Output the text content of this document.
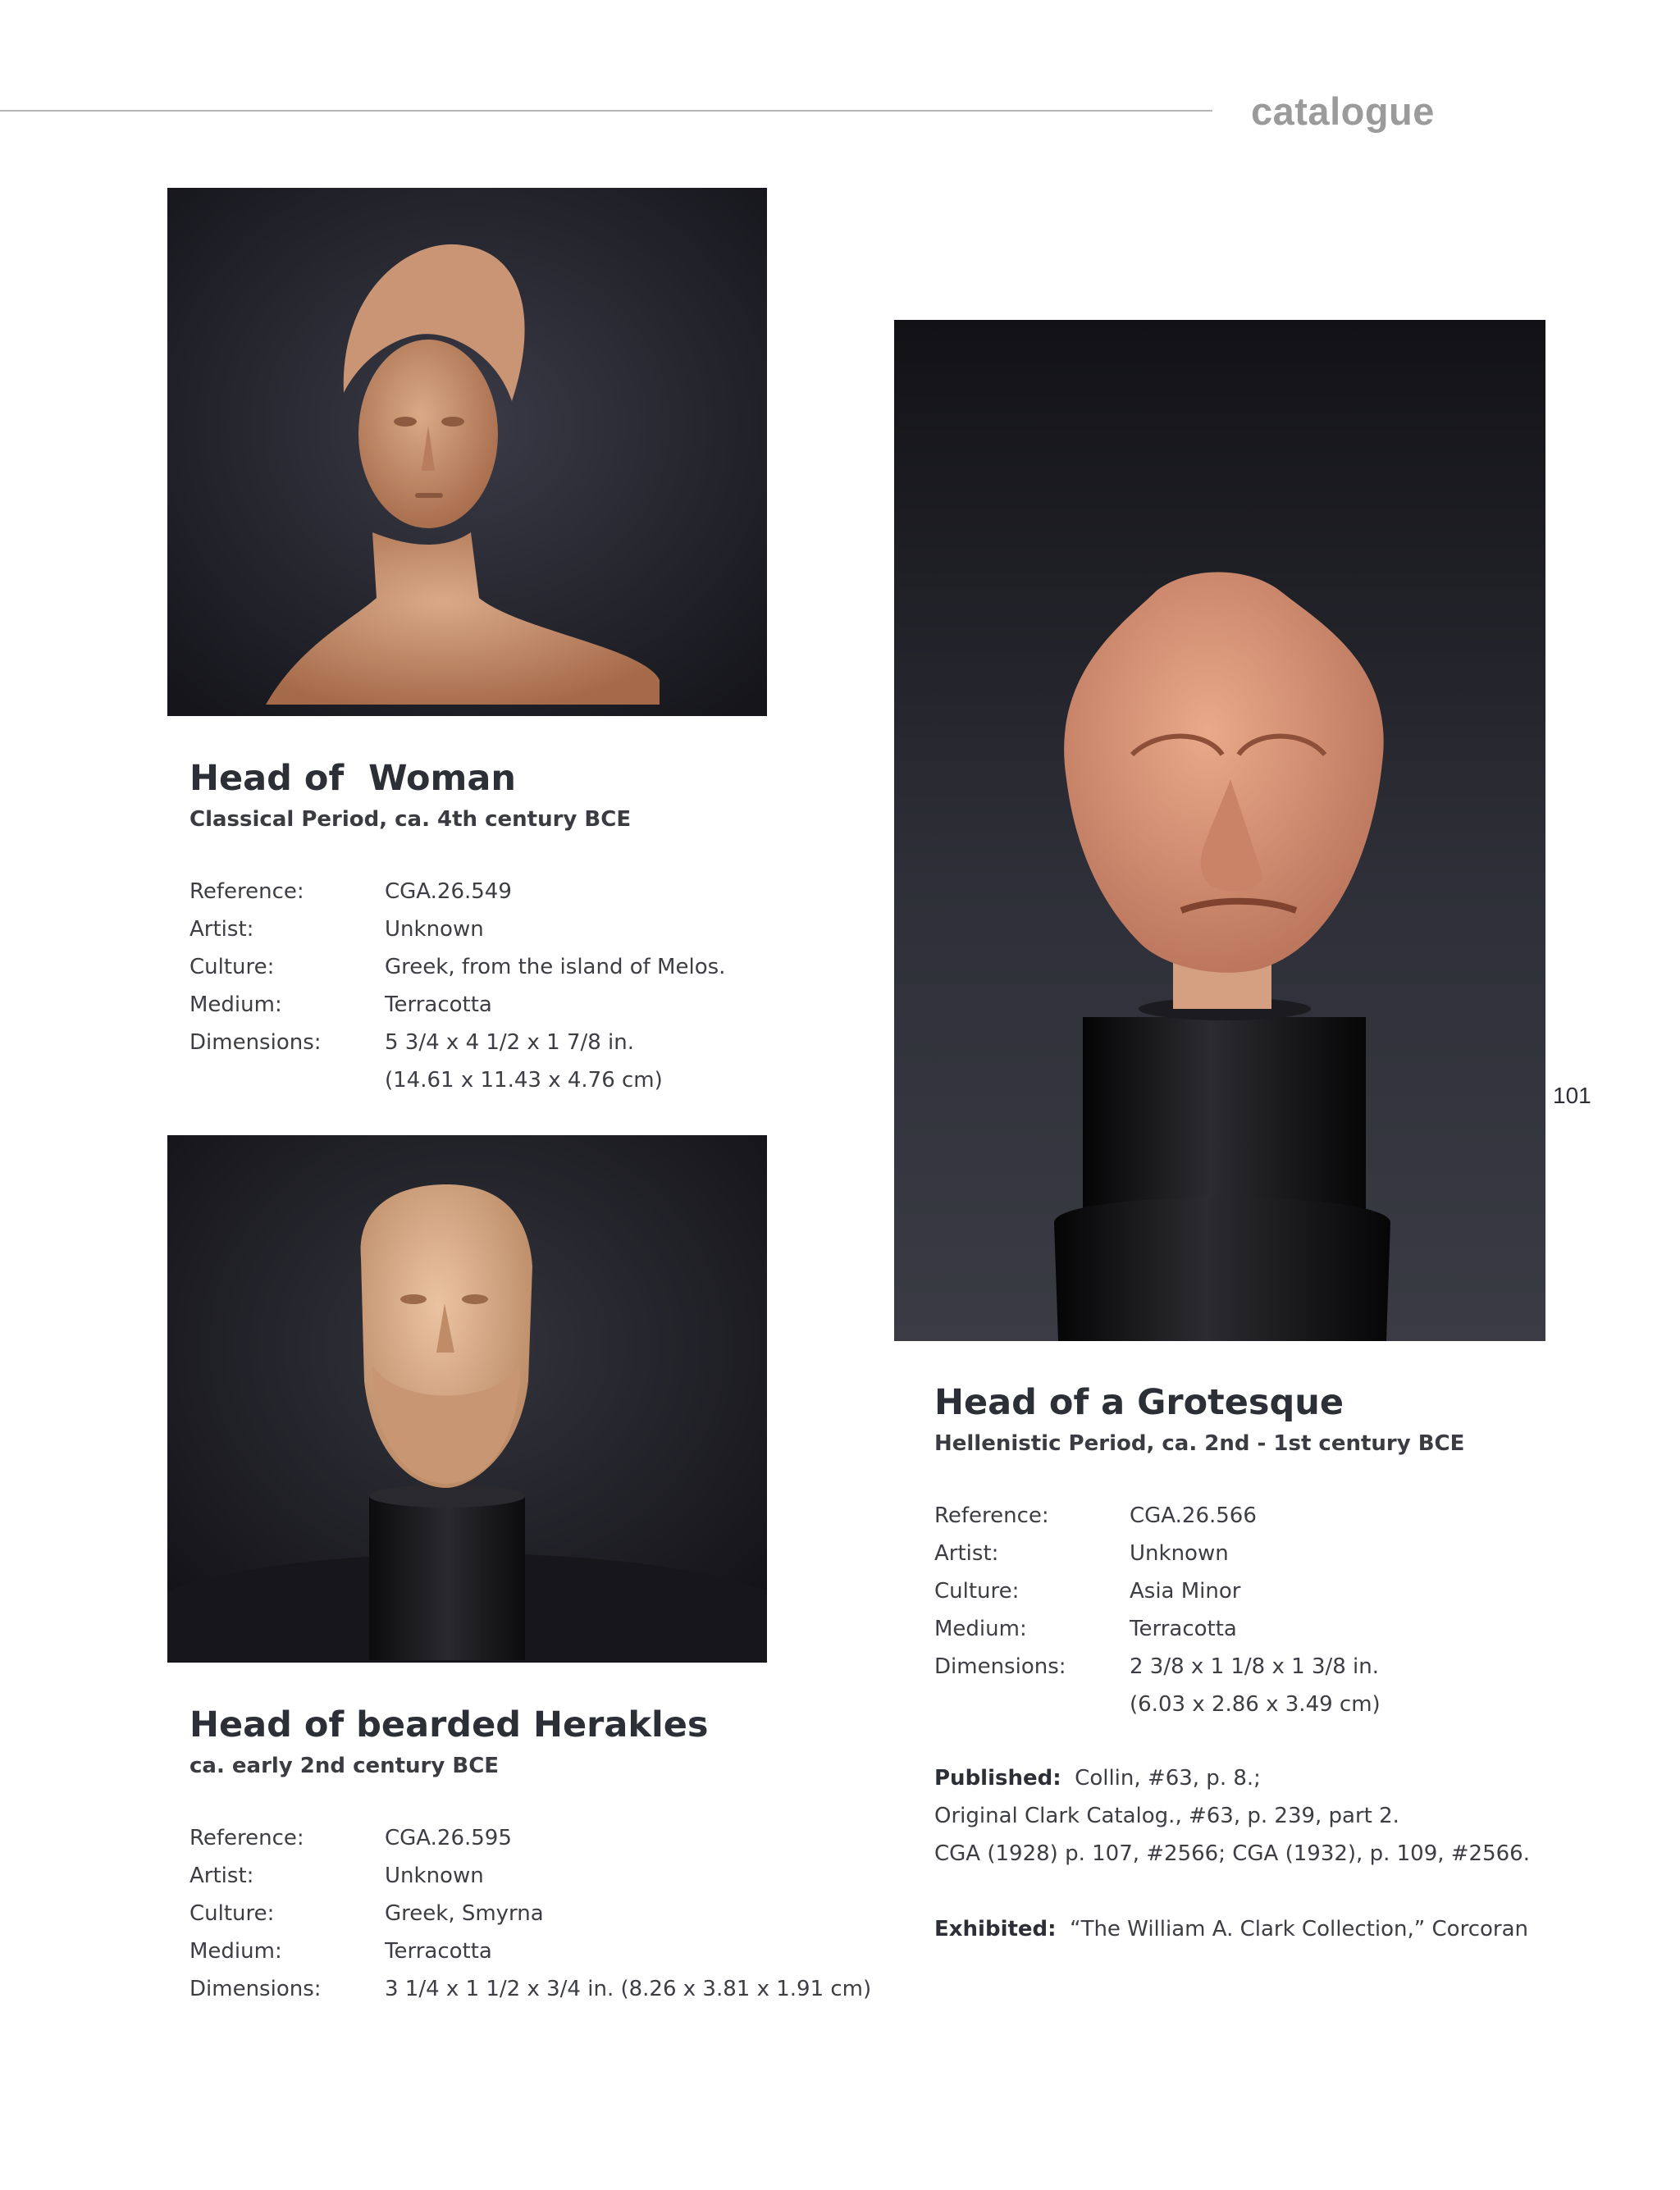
catalogue
101
Head of  Woman
Classical Period, ca. 4th century BCE
Reference:	CGA.26.549
Artist:	Unknown
Culture:	Greek, from the island of Melos.
Medium:	Terracotta
Dimensions:	5 3/4 x 4 1/2 x 1 7/8 in.
(14.61 x 11.43 x 4.76 cm)
Head of bearded Herakles
ca. early 2nd century BCE
Reference:	CGA.26.595
Artist:	Unknown
Culture:	Greek, Smyrna
Medium:	Terracotta
Dimensions:	3 1/4 x 1 1/2 x 3/4 in. (8.26 x 3.81 x 1.91 cm)
Head of a Grotesque
Hellenistic Period, ca. 2nd - 1st century BCE
Reference:	CGA.26.566
Artist:	Unknown
Culture:	Asia Minor
Medium:	Terracotta
Dimensions:	2 3/8 x 1 1/8 x 1 3/8 in.
(6.03 x 2.86 x 3.49 cm)
Published: Collin, #63, p. 8.;
Original Clark Catalog., #63, p. 239, part 2.
CGA (1928) p. 107, #2566; CGA (1932), p. 109, #2566.
Exhibited: “The William A. Clark Collection,” Corcoran
